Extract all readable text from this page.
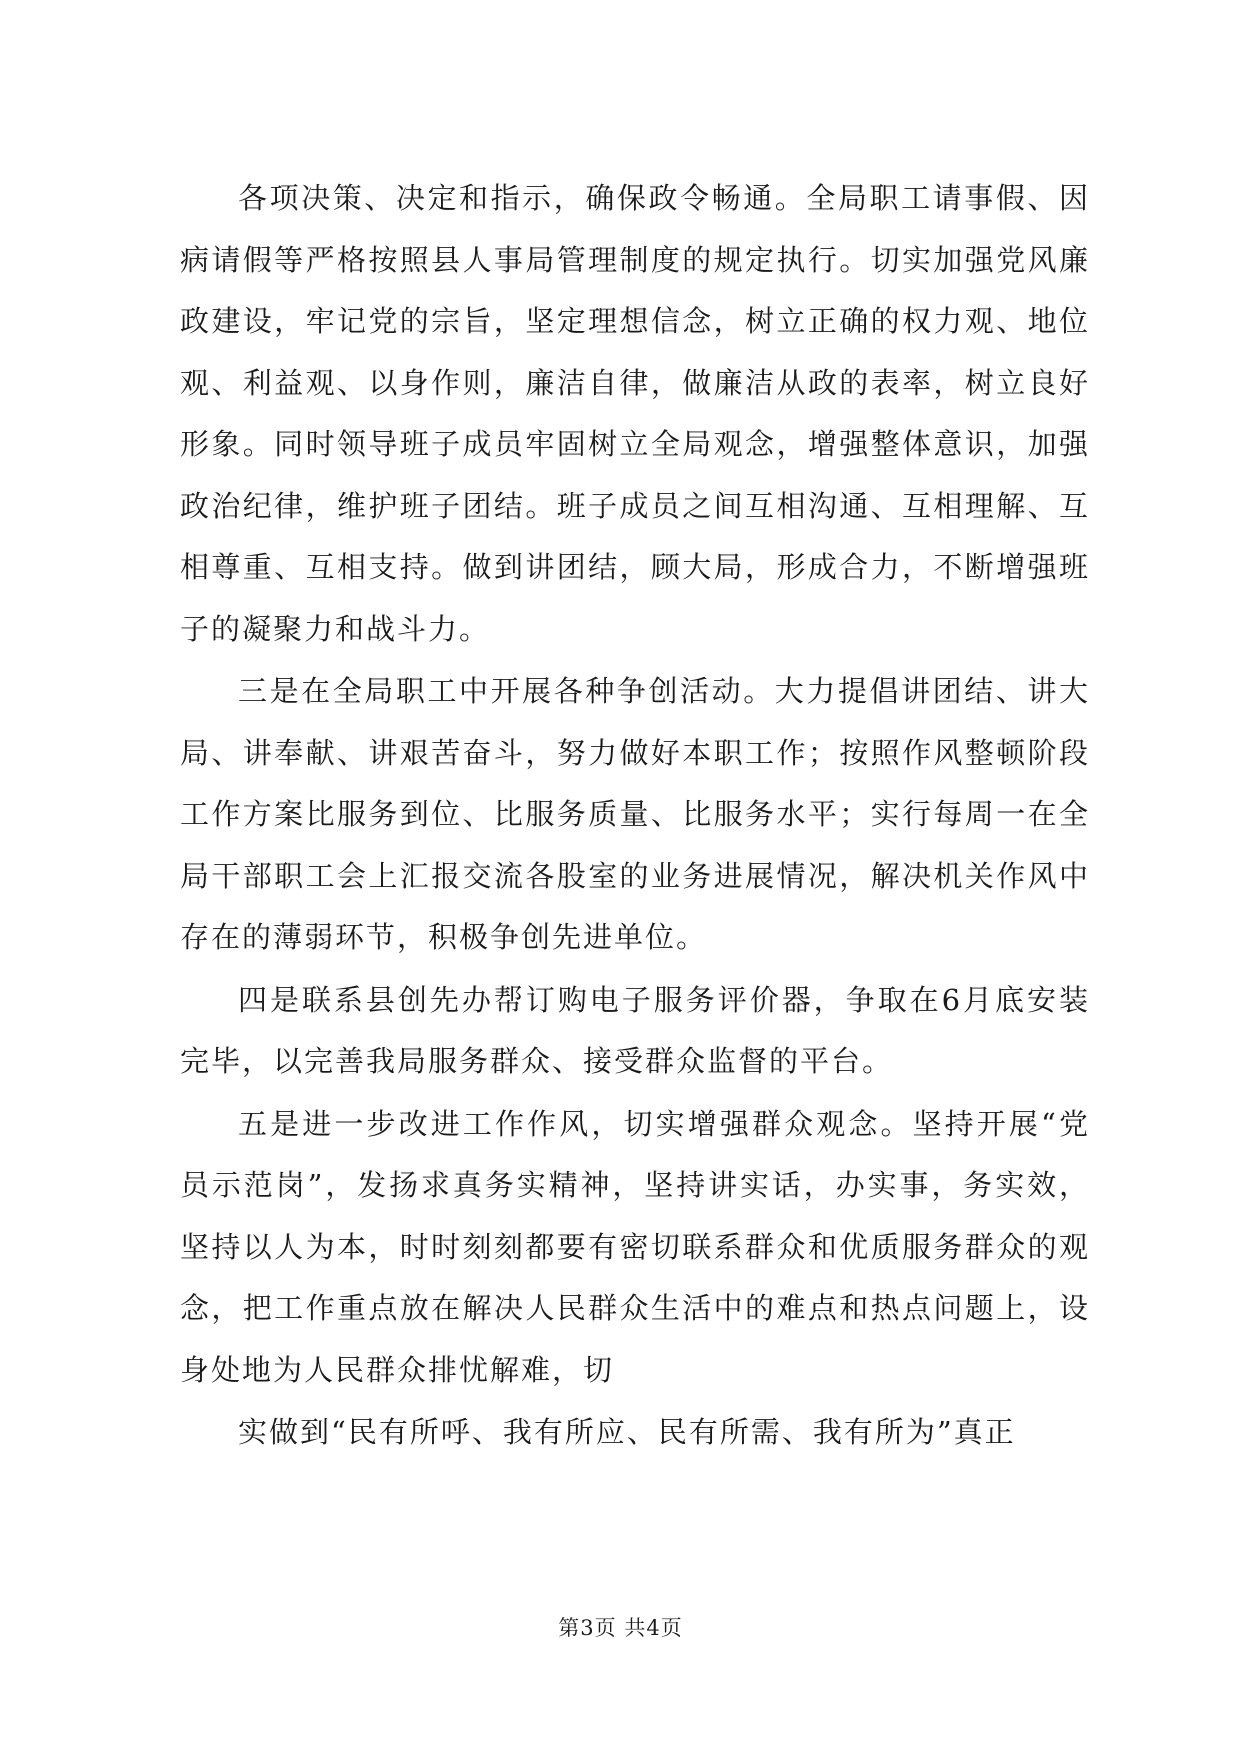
各项决策、决定和指示，确保政令畅通。全局职工请事假、因病请假等严格按照县人事局管理制度的规定执行。切实加强党风廉政建设，牢记党的宗旨，坚定理想信念，树立正确的权力观、地位观、利益观、以身作则，廉洁自律，做廉洁从政的表率，树立良好形象。同时领导班子成员牢固树立全局观念，增强整体意识，加强政治纪律，维护班子团结。班子成员之间互相沟通、互相理解、互相尊重、互相支持。做到讲团结，顾大局，形成合力，不断增强班子的凝聚力和战斗力。

三是在全局职工中开展各种争创活动。大力提倡讲团结、讲大局、讲奉献、讲艰苦奋斗，努力做好本职工作；按照作风整顿阶段工作方案比服务到位、比服务质量、比服务水平；实行每周一在全局干部职工会上汇报交流各股室的业务进展情况，解决机关作风中存在的薄弱环节，积极争创先进单位。

四是联系县创先办帮订购电子服务评价器，争取在6月底安装完毕，以完善我局服务群众、接受群众监督的平台。

五是进一步改进工作作风，切实增强群众观念。坚持开展“党员示范岗”，发扬求真务实精神，坚持讲实话，办实事，务实效，坚持以人为本，时时刻刻都要有密切联系群众和优质服务群众的观念，把工作重点放在解决人民群众生活中的难点和热点问题上，设身处地为人民群众排忧解难，切

实做到“民有所呼、我有所应、民有所需、我有所为”真正

第3页 共4页
